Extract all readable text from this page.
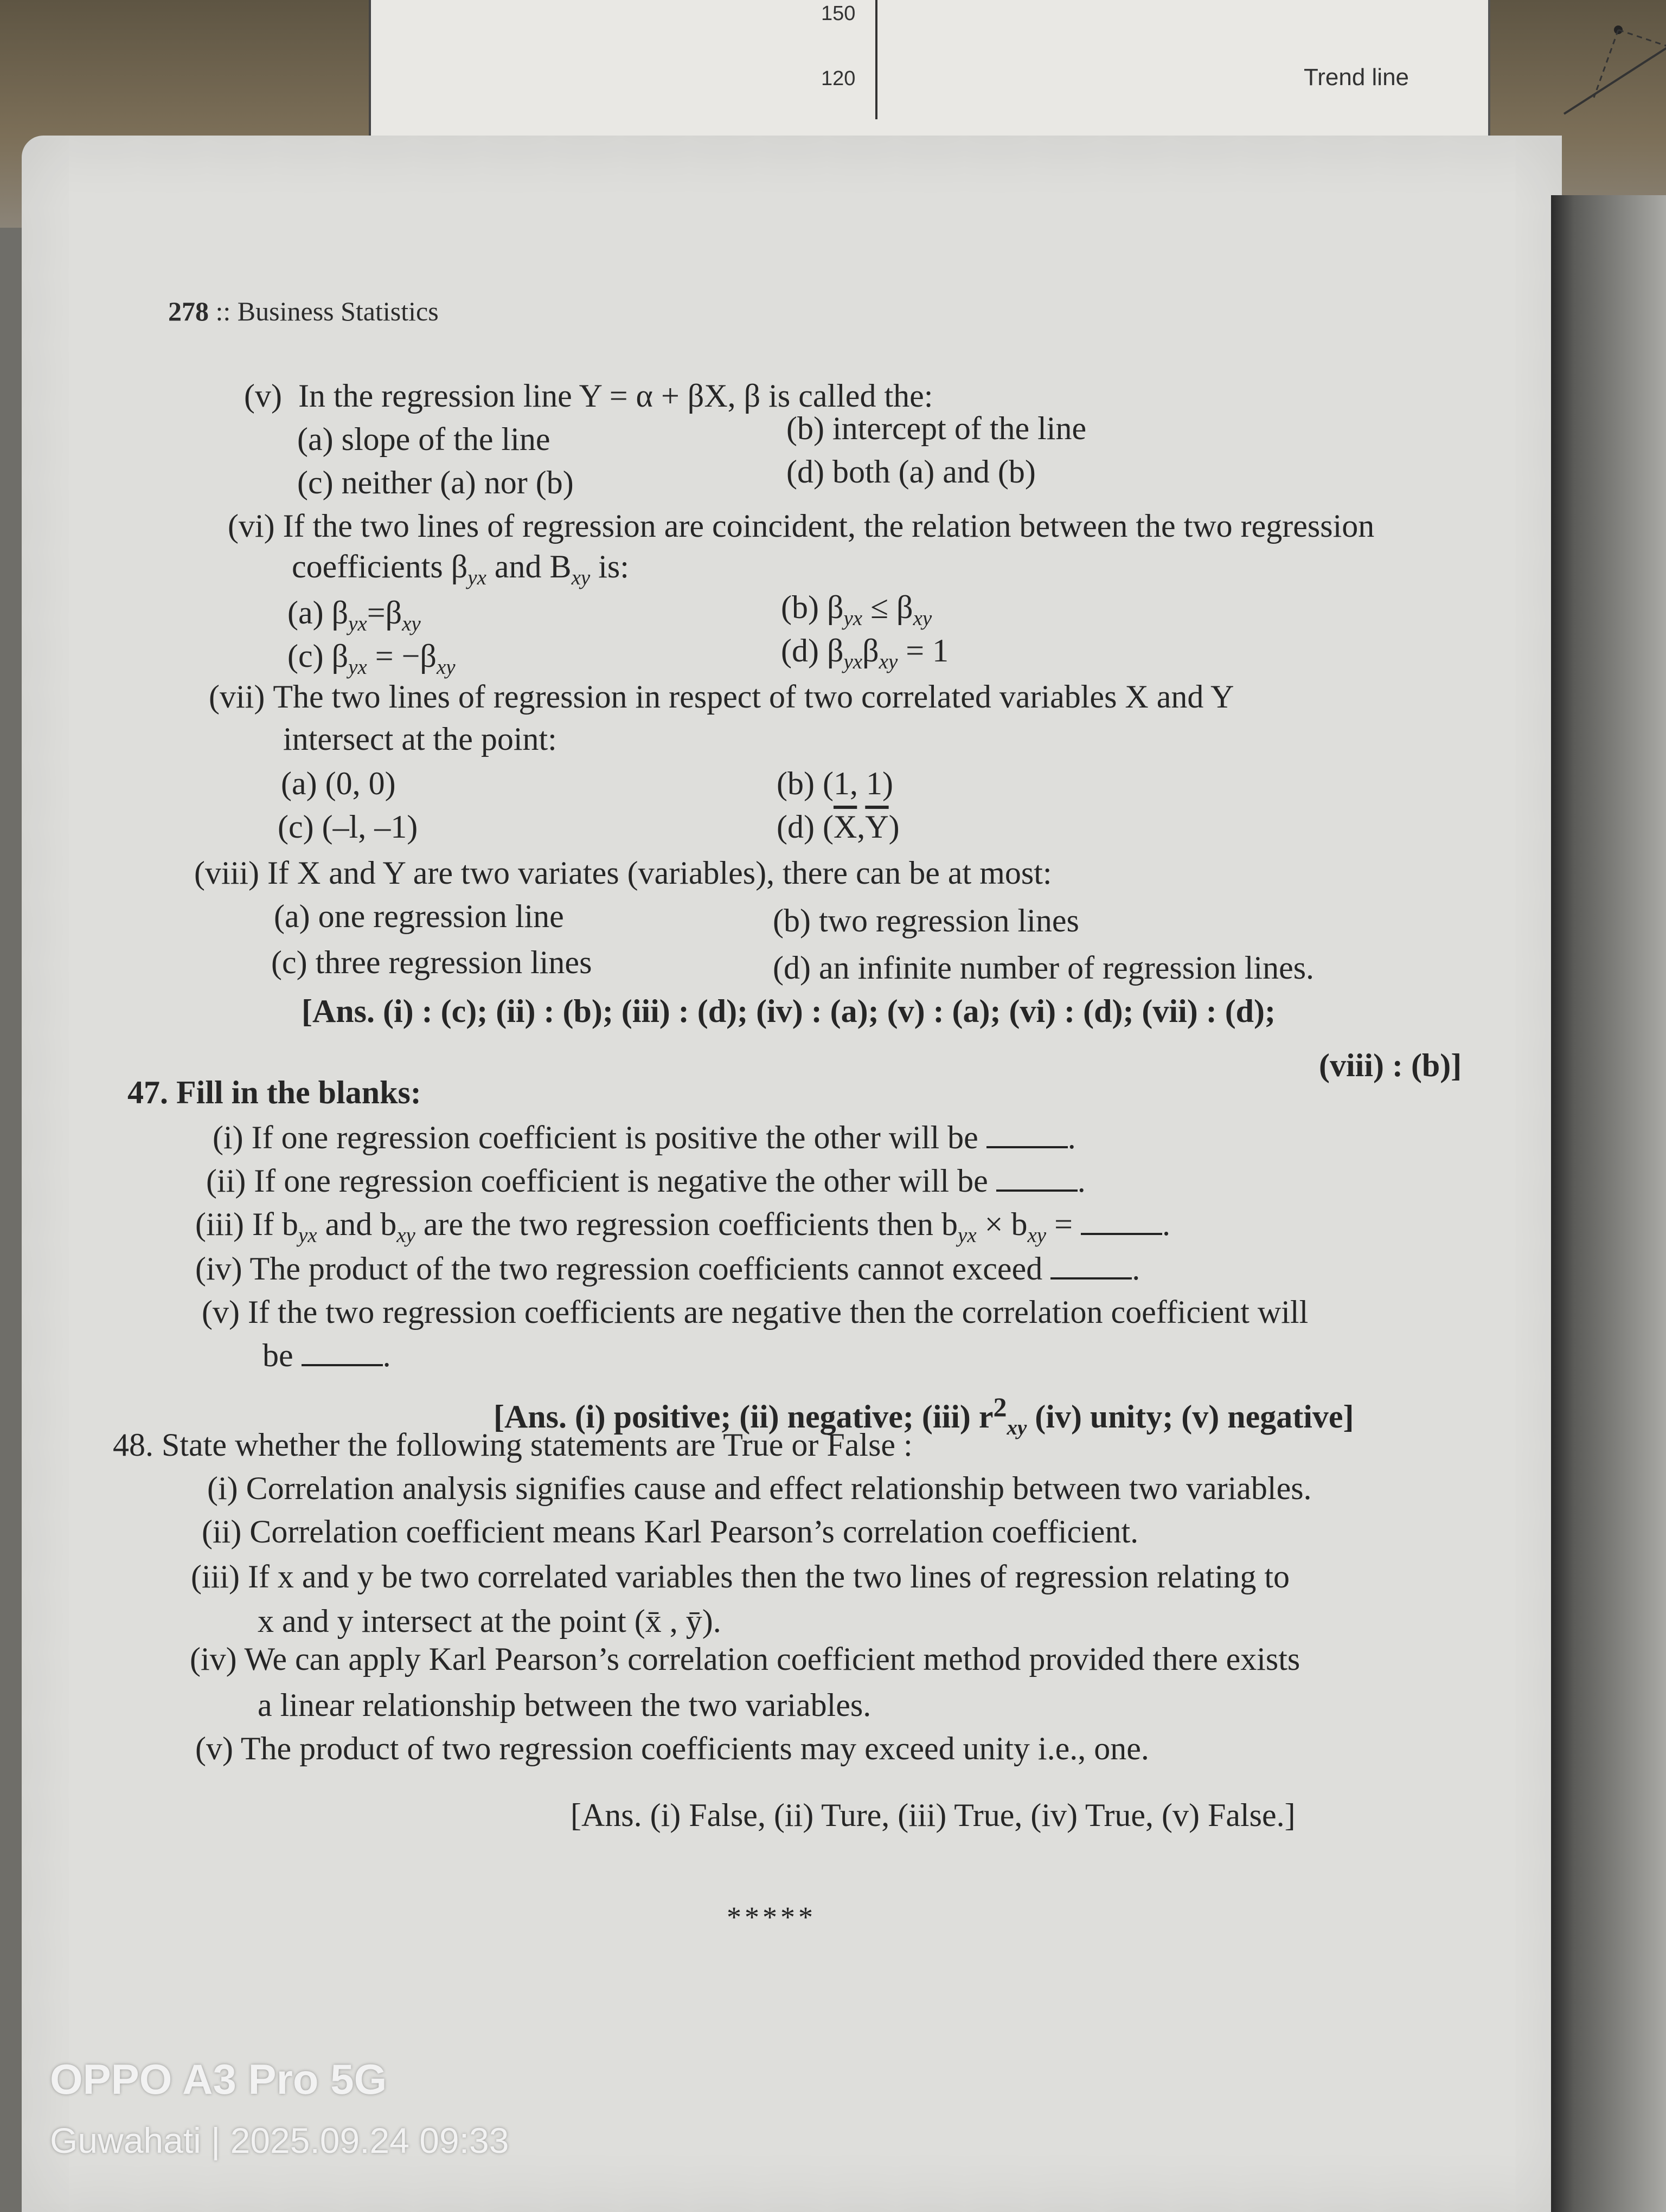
150
120	Trend line
278 :: Business Statistics
(v) In the regression line Y = α + βX, β is called the:
(a) slope of the line	(b) intercept of the line
(c) neither (a) nor (b)	(d) both (a) and (b)
(vi) If the two lines of regression are coincident, the relation between the two regression
coefficients $\beta_{yx}$ and $B_{xy}$ is:
(a) $\beta_{yx}=\beta_{xy}$	(b) $\beta_{yx} \le \beta_{xy}$
(c) $\beta_{yx} = -\beta_{xy}$	(d) $\beta_{yx}\beta_{xy} = 1$
(vii) The two lines of regression in respect of two correlated variables X and Y
intersect at the point:
(a) (0, 0)	(b) (1, 1)
(c) (–l, –1)	(d) $(\overline{X},\overline{Y})$
(viii) If X and Y are two variates (variables), there can be at most:
(a) one regression line	(b) two regression lines
(c) three regression lines	(d) an infinite number of regression lines.
[Ans. (i) : (c); (ii) : (b); (iii) : (d); (iv) : (a); (v) : (a); (vi) : (d); (vii) : (d);
(viii) : (b)]
47. Fill in the blanks:
(i) If one regression coefficient is positive the other will be	.
(ii) If one regression coefficient is negative the other will be	.
(iii) If $b_{yx}$ and $b_{xy}$ are the two regression coefficients then $b_{yx} \times b_{xy}$ =	.
(iv) The product of the two regression coefficients cannot exceed	.
(v) If the two regression coefficients are negative then the correlation coefficient will
be	.
[Ans. (i) positive; (ii) negative; (iii) $r^2_{xy}$ (iv) unity; (v) negative]
48. State whether the following statements are True or False :
(i) Correlation analysis signifies cause and effect relationship between two variables.
(ii) Correlation coefficient means Karl Pearson’s correlation coefficient.
(iii) If x and y be two correlated variables then the two lines of regression relating to
x and y intersect at the point (x̄ , ȳ).
(iv) We can apply Karl Pearson’s correlation coefficient method provided there exists
a linear relationship between the two variables.
(v) The product of two regression coefficients may exceed unity i.e., one.
[Ans. (i) False, (ii) Ture, (iii) True, (iv) True, (v) False.]
*****
OPPO A3 Pro 5G
Guwahati | 2025.09.24 09:33
